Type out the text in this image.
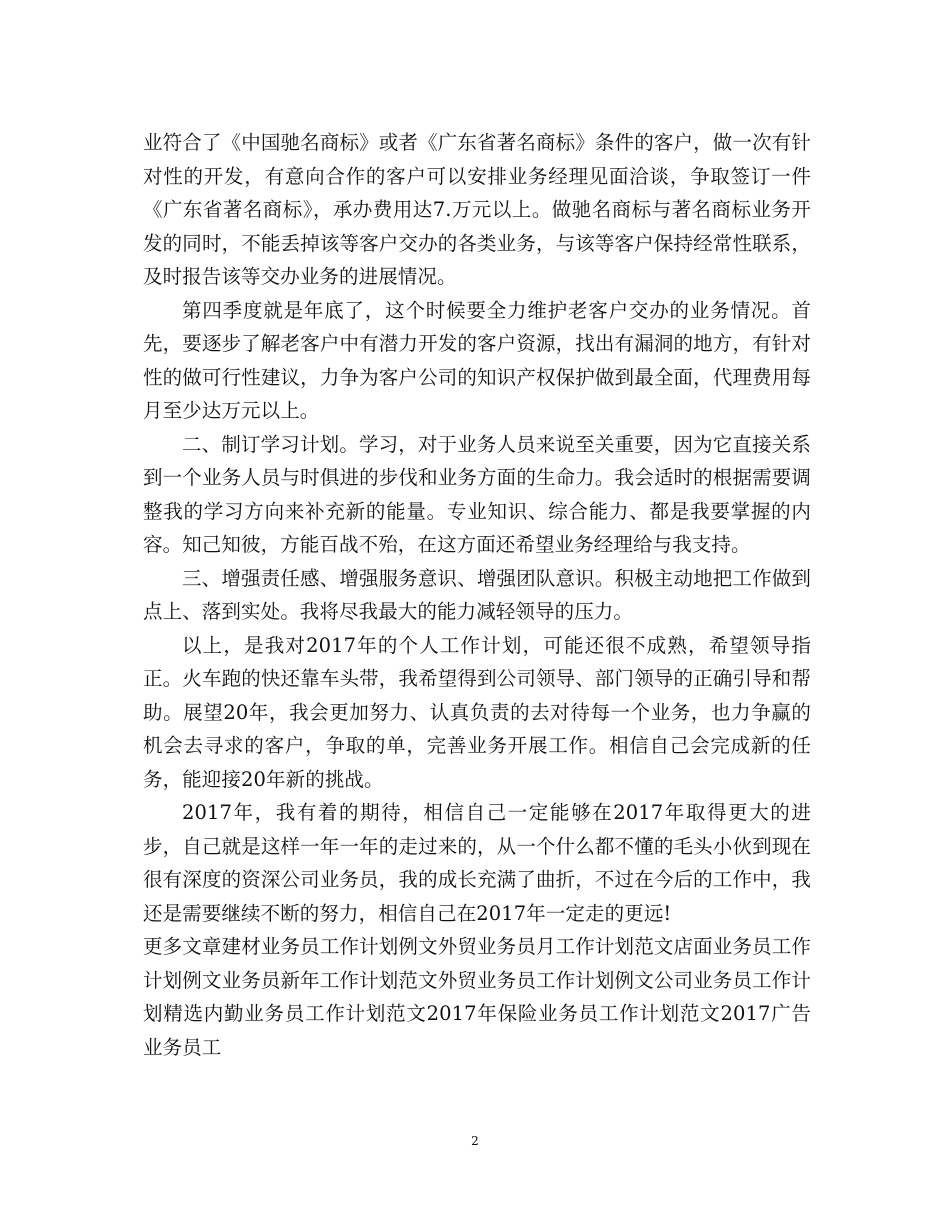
业符合了《中国驰名商标》或者《广东省著名商标》条件的客户，做一次有针对性的开发，有意向合作的客户可以安排业务经理见面洽谈，争取签订一件《广东省著名商标》，承办费用达7.万元以上。做驰名商标与著名商标业务开发的同时，不能丢掉该等客户交办的各类业务，与该等客户保持经常性联系，及时报告该等交办业务的进展情况。

第四季度就是年底了，这个时候要全力维护老客户交办的业务情况。首先，要逐步了解老客户中有潜力开发的客户资源，找出有漏洞的地方，有针对性的做可行性建议，力争为客户公司的知识产权保护做到最全面，代理费用每月至少达万元以上。

二、制订学习计划。学习，对于业务人员来说至关重要，因为它直接关系到一个业务人员与时俱进的步伐和业务方面的生命力。我会适时的根据需要调整我的学习方向来补充新的能量。专业知识、综合能力、都是我要掌握的内容。知己知彼，方能百战不殆，在这方面还希望业务经理给与我支持。

三、增强责任感、增强服务意识、增强团队意识。积极主动地把工作做到点上、落到实处。我将尽我最大的能力减轻领导的压力。

以上，是我对2017年的个人工作计划，可能还很不成熟，希望领导指正。火车跑的快还靠车头带，我希望得到公司领导、部门领导的正确引导和帮助。展望20年，我会更加努力、认真负责的去对待每一个业务，也力争赢的机会去寻求的客户，争取的单，完善业务开展工作。相信自己会完成新的任务，能迎接20年新的挑战。

2017年，我有着的期待，相信自己一定能够在2017年取得更大的进步，自己就是这样一年一年的走过来的，从一个什么都不懂的毛头小伙到现在很有深度的资深公司业务员，我的成长充满了曲折，不过在今后的工作中，我还是需要继续不断的努力，相信自己在2017年一定走的更远!

更多文章建材业务员工作计划例文外贸业务员月工作计划范文店面业务员工作计划例文业务员新年工作计划范文外贸业务员工作计划例文公司业务员工作计划精选内勤业务员工作计划范文2017年保险业务员工作计划范文2017广告业务员工

2
